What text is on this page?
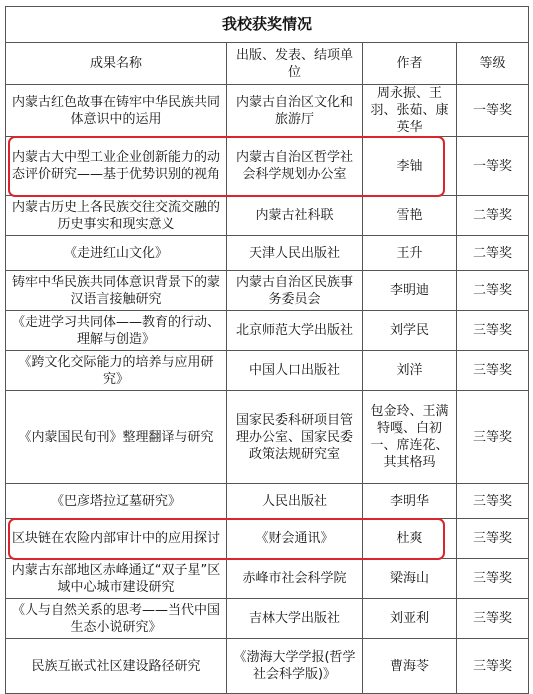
我校获奖情况			
成果名称	出版、发表、结项单位	作者	等级
内蒙古红色故事在铸牢中华民族共同体意识中的运用	内蒙古自治区文化和旅游厅	周永振、王羽、张茹、康英华	一等奖
内蒙古大中型工业企业创新能力的动态评价研究——基于优势识别的视角	内蒙古自治区哲学社会科学规划办公室	李铀	一等奖
内蒙古历史上各民族交往交流交融的历史事实和现实意义	内蒙古社科联	雪艳	二等奖
《走进红山文化》	天津人民出版社	王升	二等奖
铸牢中华民族共同体意识背景下的蒙汉语言接触研究	内蒙古自治区民族事务委员会	李明迪	二等奖
《走进学习共同体——教育的行动、理解与创造》	北京师范大学出版社	刘学民	三等奖
《跨文化交际能力的培养与应用研究》	中国人口出版社	刘洋	三等奖
《内蒙国民旬刊》整理翻译与研究	国家民委科研项目管理办公室、国家民委政策法规研究室	包金玲、王满特嘎、白初一、席连花、其其格玛	三等奖
《巴彦塔拉辽墓研究》	人民出版社	李明华	三等奖
区块链在农险内部审计中的应用探讨	《财会通讯》	杜爽	三等奖
内蒙古东部地区赤峰通辽“双子星”区域中心城市建设研究	赤峰市社会科学院	梁海山	三等奖
《人与自然关系的思考——当代中国生态小说研究》	吉林大学出版社	刘亚利	三等奖
民族互嵌式社区建设路径研究	《渤海大学学报(哲学社会科学版)》	曹海苓	三等奖
